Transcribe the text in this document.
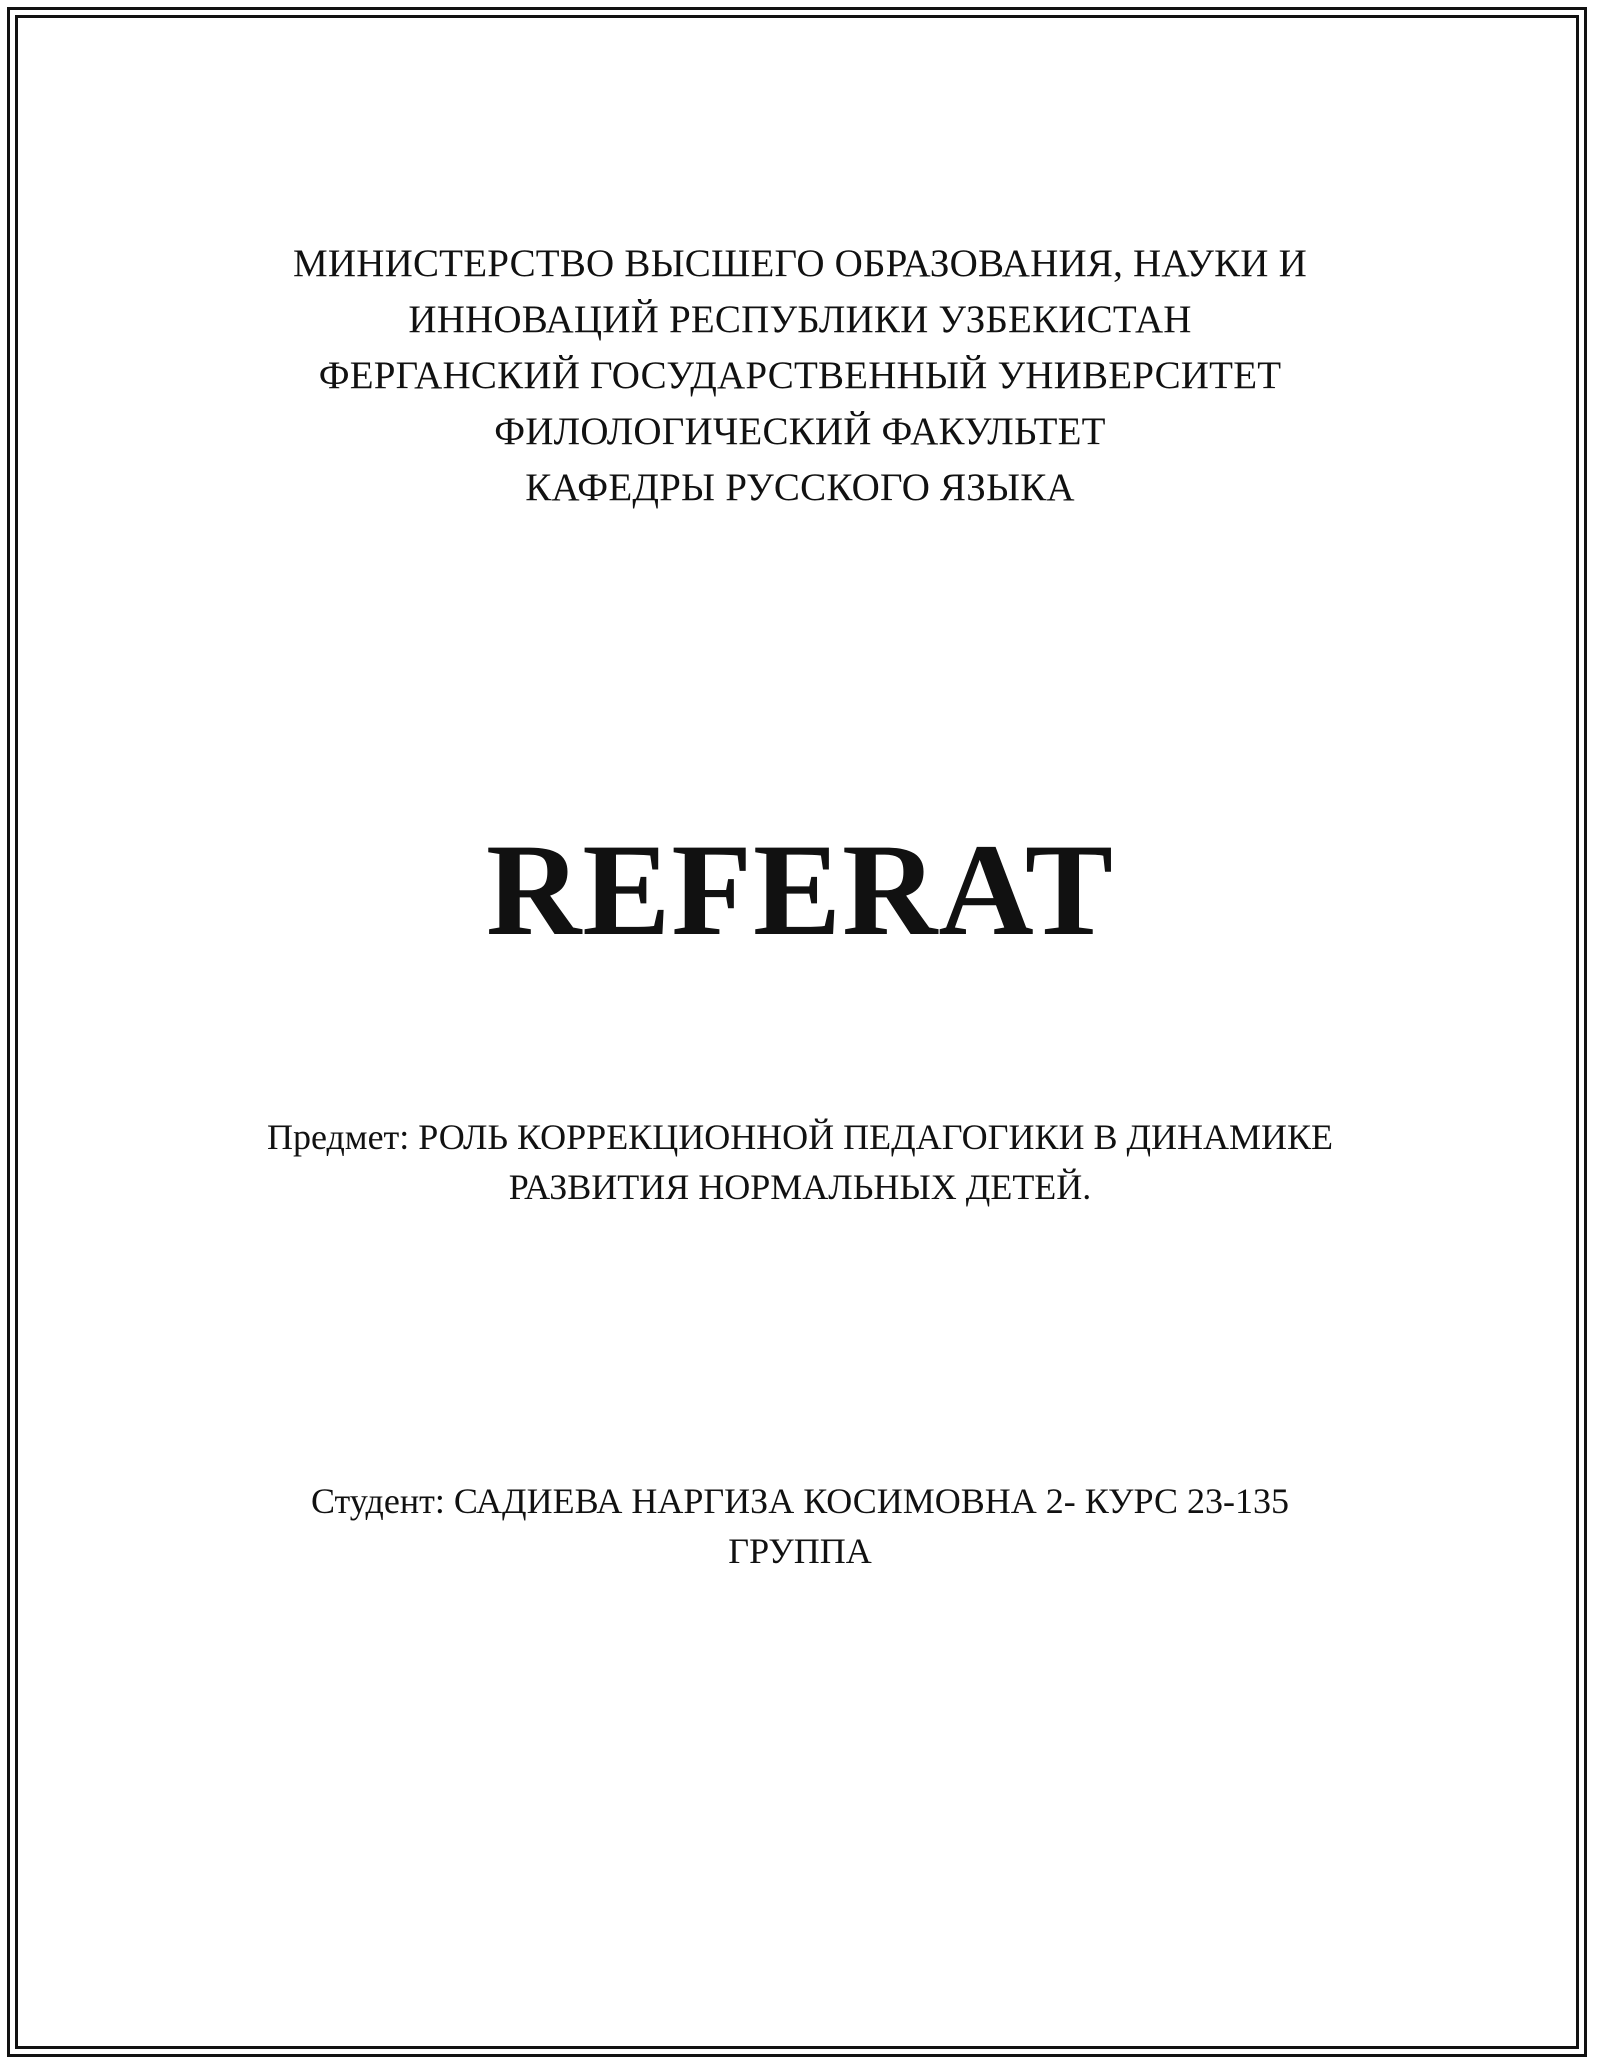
МИНИСТЕРСТВО ВЫСШЕГО ОБРАЗОВАНИЯ, НАУКИ И
ИННОВАЦИЙ РЕСПУБЛИКИ УЗБЕКИСТАН
ФЕРГАНСКИЙ ГОСУДАРСТВЕННЫЙ УНИВЕРСИТЕТ
ФИЛОЛОГИЧЕСКИЙ ФАКУЛЬТЕТ
КАФЕДРЫ РУССКОГО ЯЗЫКА
REFERAT
Предмет: РОЛЬ КОРРЕКЦИОННОЙ ПЕДАГОГИКИ В ДИНАМИКЕ
РАЗВИТИЯ НОРМАЛЬНЫХ ДЕТЕЙ.
Студент: САДИЕВА НАРГИЗА КОСИМОВНА 2- КУРС 23-135
ГРУППА
